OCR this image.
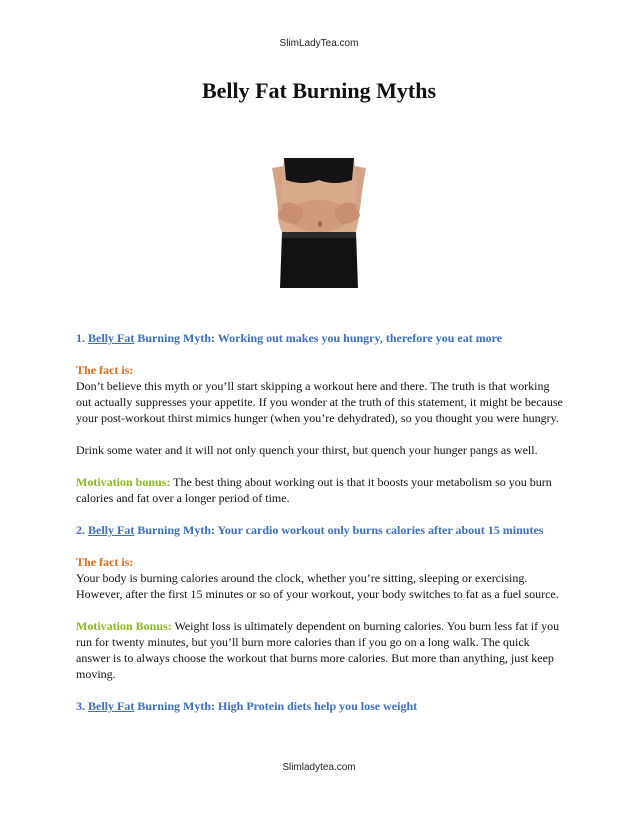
SlimLadyTea.com
Belly Fat Burning Myths

1. Belly Fat Burning Myth: Working out makes you hungry, therefore you eat more

The fact is:

Don’t believe this myth or you’ll start skipping a workout here and there. The truth is that working out actually suppresses your appetite. If you wonder at the truth of this statement, it might be because your post-workout thirst mimics hunger (when you’re dehydrated), so you thought you were hungry.

Drink some water and it will not only quench your thirst, but quench your hunger pangs as well.

Motivation bonus: The best thing about working out is that it boosts your metabolism so you burn calories and fat over a longer period of time.

2. Belly Fat Burning Myth: Your cardio workout only burns calories after about 15 minutes

The fact is:

Your body is burning calories around the clock, whether you’re sitting, sleeping or exercising. However, after the first 15 minutes or so of your workout, your body switches to fat as a fuel source.

Motivation Bonus: Weight loss is ultimately dependent on burning calories. You burn less fat if you run for twenty minutes, but you’ll burn more calories than if you go on a long walk. The quick answer is to always choose the workout that burns more calories. But more than anything, just keep moving.

3. Belly Fat Burning Myth: High Protein diets help you lose weight

Slimladytea.com
